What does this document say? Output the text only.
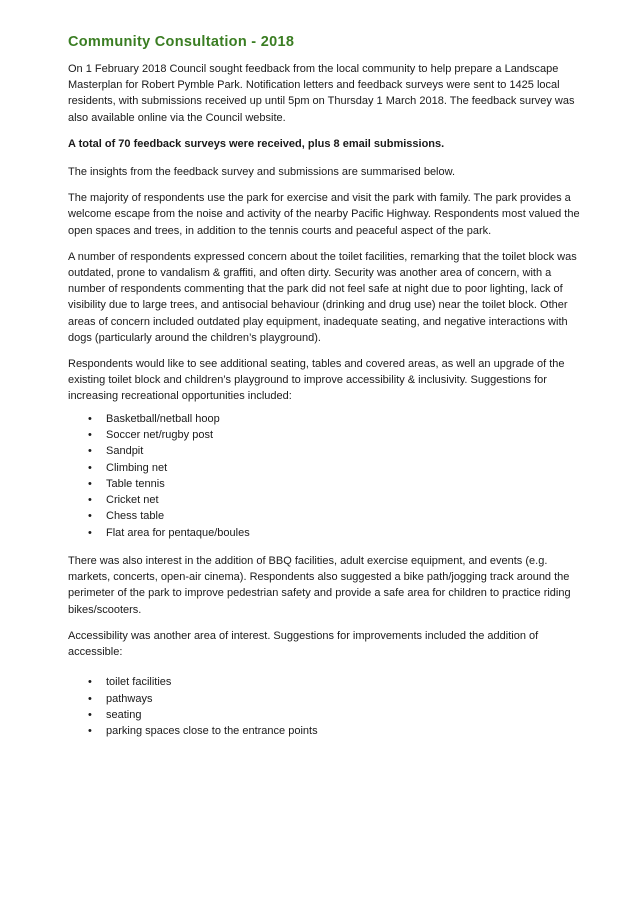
Community Consultation - 2018

On 1 February 2018 Council sought feedback from the local community to help prepare a Landscape Masterplan for Robert Pymble Park. Notification letters and feedback surveys were sent to 1425 local residents, with submissions received up until 5pm on Thursday 1 March 2018. The feedback survey was also available online via the Council website.

A total of 70 feedback surveys were received, plus 8 email submissions.

The insights from the feedback survey and submissions are summarised below.

The majority of respondents use the park for exercise and visit the park with family. The park provides a welcome escape from the noise and activity of the nearby Pacific Highway. Respondents most valued the open spaces and trees, in addition to the tennis courts and peaceful aspect of the park.

A number of respondents expressed concern about the toilet facilities, remarking that the toilet block was outdated, prone to vandalism & graffiti, and often dirty. Security was another area of concern, with a number of respondents commenting that the park did not feel safe at night due to poor lighting, lack of visibility due to large trees, and antisocial behaviour (drinking and drug use) near the toilet block. Other areas of concern included outdated play equipment, inadequate seating, and negative interactions with dogs (particularly around the children’s playground).

Respondents would like to see additional seating, tables and covered areas, as well an upgrade of the existing toilet block and children’s playground to improve accessibility & inclusivity. Suggestions for increasing recreational opportunities included:

• Basketball/netball hoop
• Soccer net/rugby post
• Sandpit
• Climbing net
• Table tennis
• Cricket net
• Chess table
• Flat area for pentaque/boules

There was also interest in the addition of BBQ facilities, adult exercise equipment, and events (e.g. markets, concerts, open-air cinema). Respondents also suggested a bike path/jogging track around the perimeter of the park to improve pedestrian safety and provide a safe area for children to practice riding bikes/scooters.

Accessibility was another area of interest. Suggestions for improvements included the addition of accessible:

• toilet facilities
• pathways
• seating
• parking spaces close to the entrance points
